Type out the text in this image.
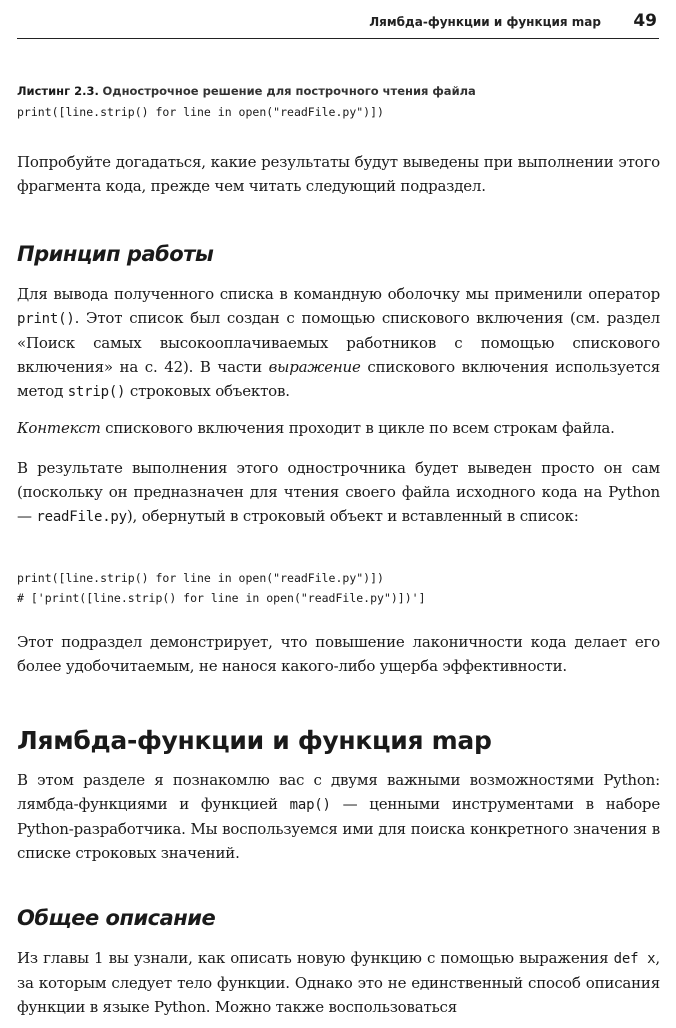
Лямбда-функции и функция map 49

Листинг 2.3. Однострочное решение для построчного чтения файла

print([line.strip() for line in open("readFile.py")])

Попробуйте догадаться, какие результаты будут выведены при выполнении этого фрагмента кода, прежде чем читать следующий подраздел.

Принцип работы

Для вывода полученного списка в командную оболочку мы применили оператор print(). Этот список был создан с помощью спискового включения (см. раздел «Поиск самых высокооплачиваемых работников с помощью спискового включения» на с. 42). В части выражение спискового включения используется метод strip() строковых объектов.

Контекст спискового включения проходит в цикле по всем строкам файла.

В результате выполнения этого однострочника будет выведен просто он сам (поскольку он предназначен для чтения своего файла исходного кода на Python — readFile.py), обернутый в строковый объект и вставленный в список:

print([line.strip() for line in open("readFile.py")])
# ['print([line.strip() for line in open("readFile.py")])']

Этот подраздел демонстрирует, что повышение лаконичности кода делает его более удобочитаемым, не нанося какого-либо ущерба эффективности.

Лямбда-функции и функция map

В этом разделе я познакомлю вас с двумя важными возможностями Python: лямбда-функциями и функцией map() — ценными инструментами в наборе Python-разработчика. Мы воспользуемся ими для поиска конкретного значения в списке строковых значений.

Общее описание

Из главы 1 вы узнали, как описать новую функцию с помощью выражения def x, за которым следует тело функции. Однако это не единственный способ описания функции в языке Python. Можно также воспользоваться
